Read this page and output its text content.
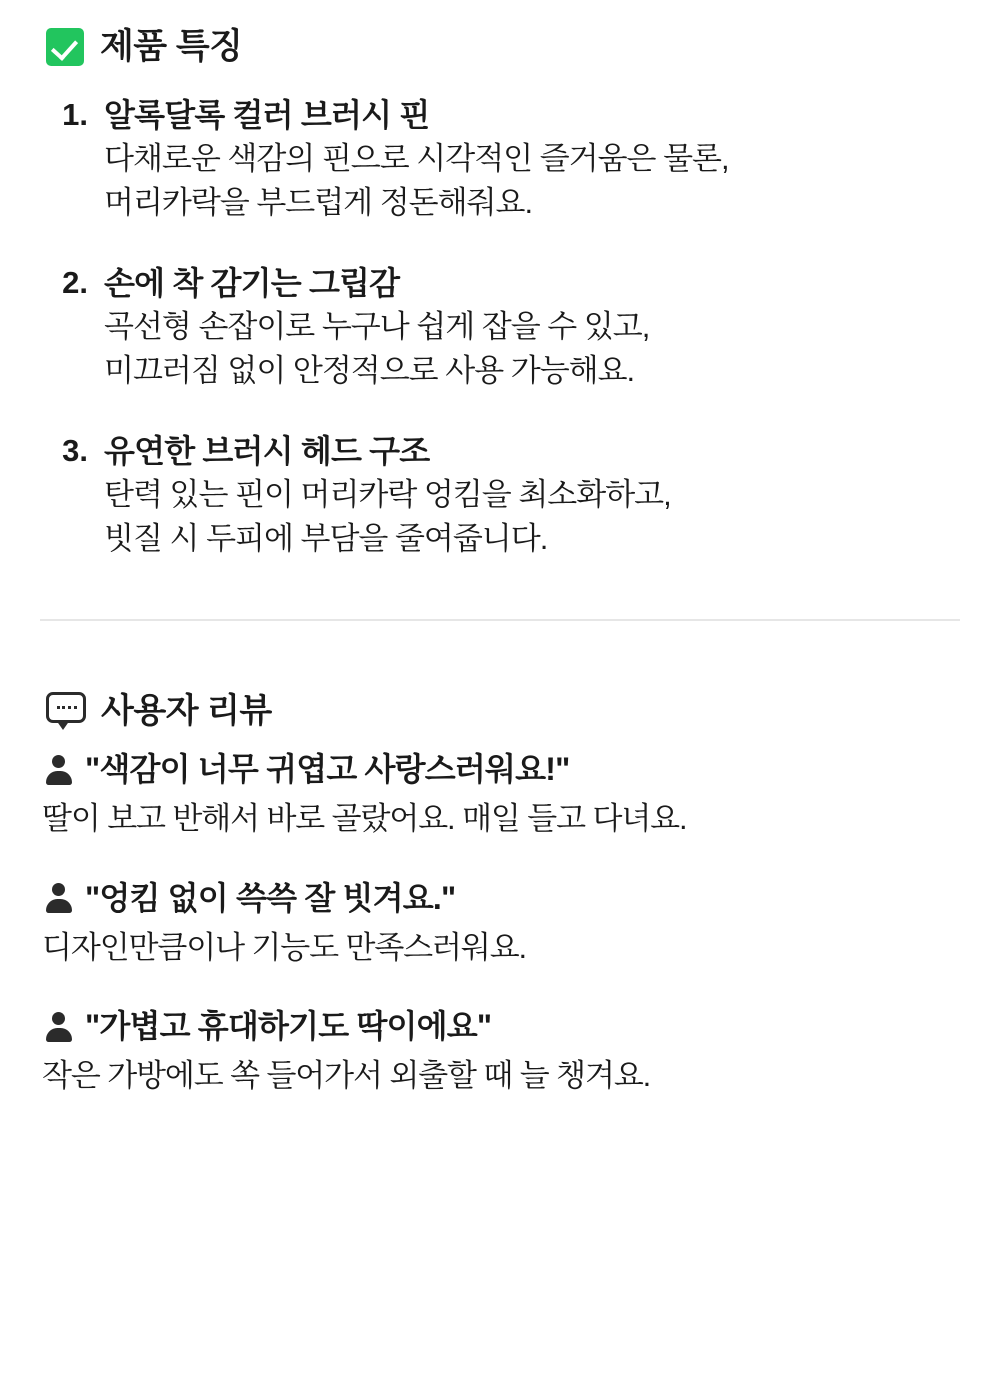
제품 특징
1. 알록달록 컬러 브러시 핀
다채로운 색감의 핀으로 시각적인 즐거움은 물론,
머리카락을 부드럽게 정돈해줘요.
2. 손에 착 감기는 그립감
곡선형 손잡이로 누구나 쉽게 잡을 수 있고,
미끄러짐 없이 안정적으로 사용 가능해요.
3. 유연한 브러시 헤드 구조
탄력 있는 핀이 머리카락 엉킴을 최소화하고,
빗질 시 두피에 부담을 줄여줍니다.
사용자 리뷰
"색감이 너무 귀엽고 사랑스러워요!"
딸이 보고 반해서 바로 골랐어요. 매일 들고 다녀요.
"엉킴 없이 쓱쓱 잘 빗겨요."
디자인만큼이나 기능도 만족스러워요.
"가볍고 휴대하기도 딱이에요"
작은 가방에도 쏙 들어가서 외출할 때 늘 챙겨요.
